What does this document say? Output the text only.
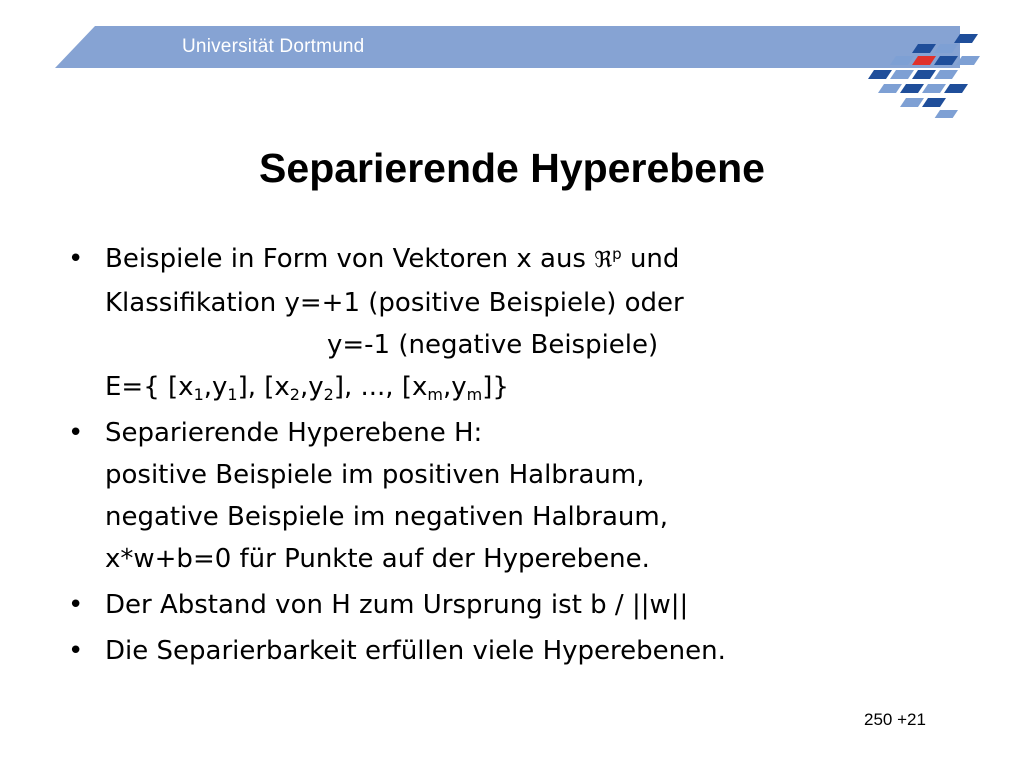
Universität Dortmund
Separierende Hyperebene
• Beispiele in Form von Vektoren x aus ℜ$^p$ und
Klassifikation y=+1 (positive Beispiele) oder
y=-1 (negative Beispiele)
E={ $[x_1,y_1]$, $[x_2,y_2]$, ..., $[x_m,y_m]$}
• Separierende Hyperebene H:
positive Beispiele im positiven Halbraum,
negative Beispiele im negativen Halbraum,
x*w+b=0 für Punkte auf der Hyperebene.
• Der Abstand von H zum Ursprung ist b / ||w||
• Die Separierbarkeit erfüllen viele Hyperebenen.
250 +21
